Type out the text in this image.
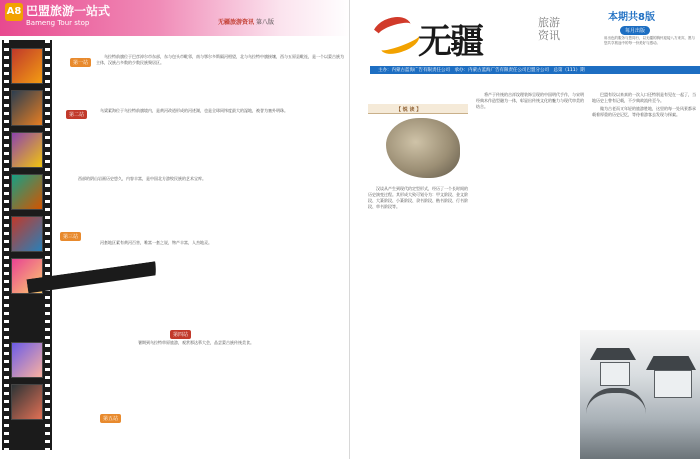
A8 巴盟旅游一站式
Bameng Tour stop	无疆旅游资讯 第八版
第一站
第二站
第三站
第四站
第五站

乌拉特前旗位于巴彦淖尔市东部，东与包头市毗邻，南与鄂尔多斯隔河相望，北与乌拉特中旗接壤，西与五原县毗连，是一个以蒙古族为主体，汉族占多数的少数民族聚居区。

乌梁素海位于乌拉特前旗境内，是黄河改道形成的河迹湖，也是全球同纬度最大的湿地，被誉为塞外明珠。

西部的阴山岩画历史悠久，内容丰富，是中国北方游牧民族的艺术宝库。

河套地区素有黄河百害，唯富一套之说，物产丰富，人杰地灵。

暑期到乌拉特草原旅游，观赏那达慕大会，品尝蒙古族传统美食。

无疆	旅游资讯
本期共8版
每月出版
用出色的服务与您同行，以无疆的胸怀迎接八方来宾，愿与您共享旅途中的每一份美好与感动。
主办：内蒙古蓝海广告有限责任公司　承办：内蒙古蓝海广告有限责任公司巴盟分公司　总第（111）期
【 锐 读 】

汉谈从产生到现代约定型形式，经历了一个长时间的历史演变过程。其形成大致可划分为：甲文阶段、金文阶段、大篆阶段、小篆阶段、隶书阶段、楷书阶段、行书阶段、草书阶段等。

将产于传统的吉祥纹理装饰呈现的中国明代手作，与宋明经典木作造型融为一体，彰显出传统文化的魅力与现代审美的结合。

巴盟有设以来真的一次入口还特别是有见在一起了，当地历史上曾有记载，不少典故流传至今。

做为古老而又年轻的旅游胜地，这里的每一处风景都承载着厚重的历史记忆，等待着游客去发现与探索。
